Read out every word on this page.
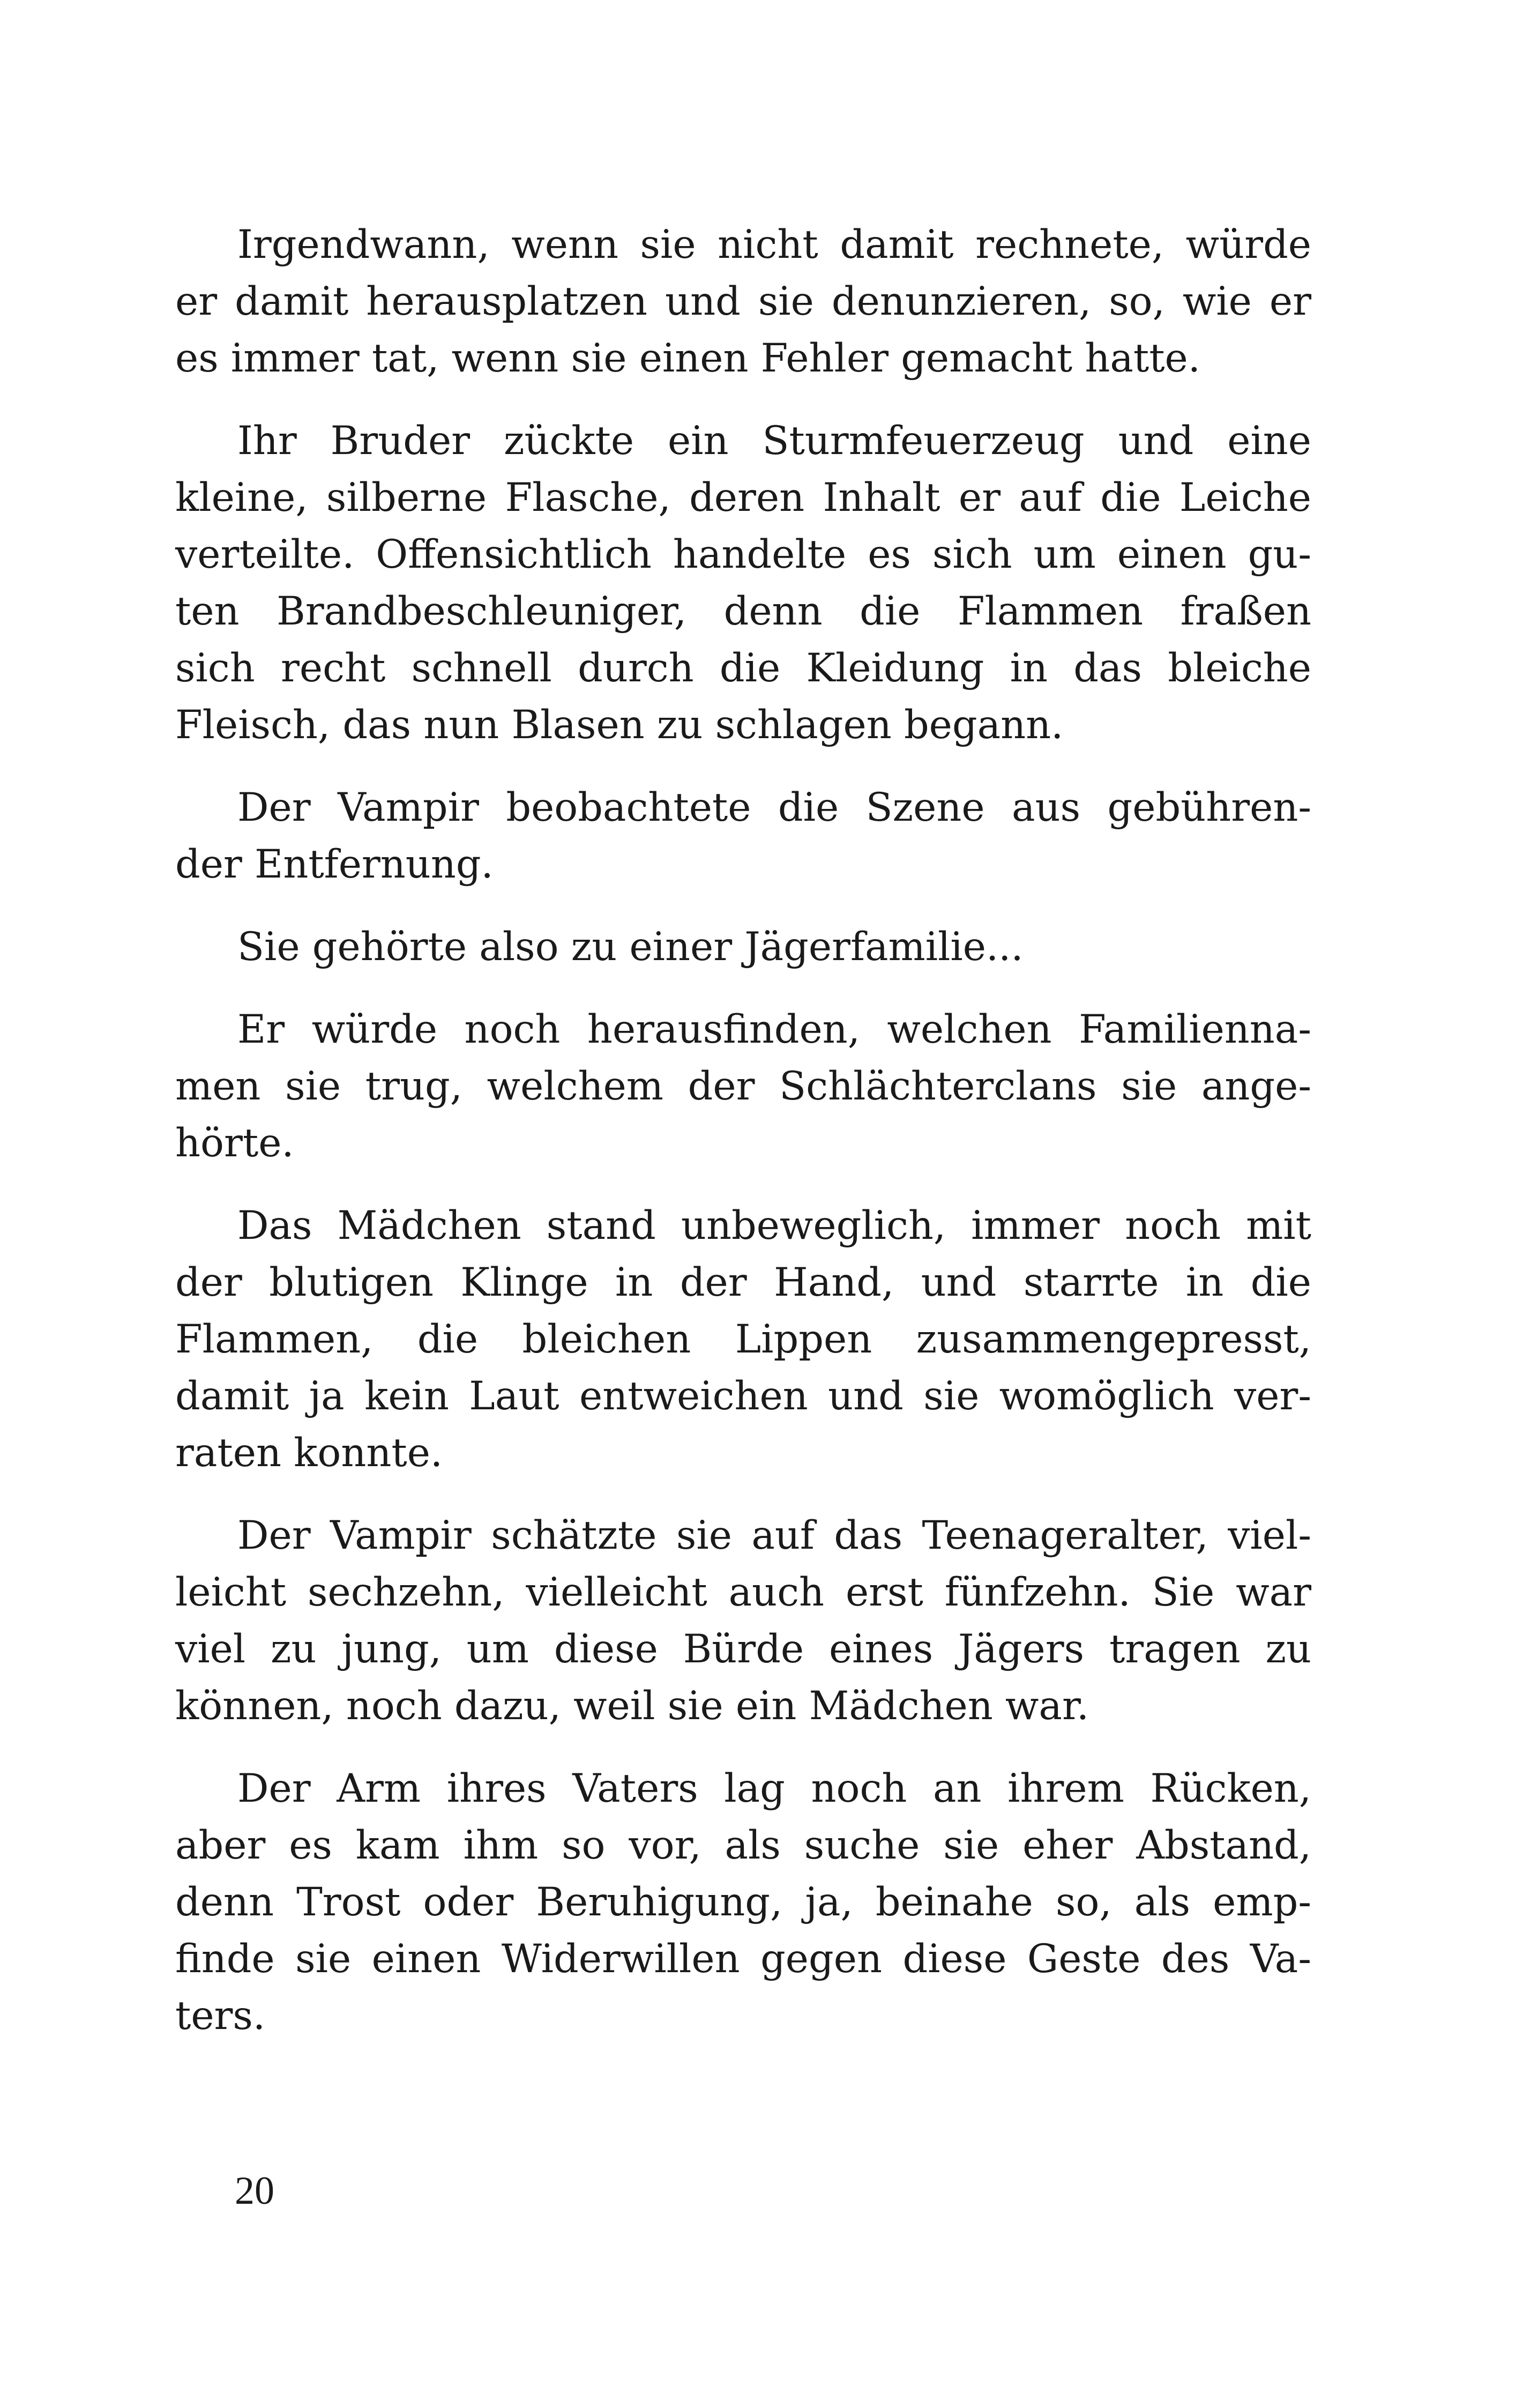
Irgendwann, wenn sie nicht damit rechnete, würde
er damit herausplatzen und sie denunzieren, so, wie er
es immer tat, wenn sie einen Fehler gemacht hatte.
Ihr Bruder zückte ein Sturmfeuerzeug und eine
kleine, silberne Flasche, deren Inhalt er auf die Leiche
verteilte. Offensichtlich handelte es sich um einen gu-
ten Brandbeschleuniger, denn die Flammen fraßen
sich recht schnell durch die Kleidung in das bleiche
Fleisch, das nun Blasen zu schlagen begann.
Der Vampir beobachtete die Szene aus gebühren-
der Entfernung.
Sie gehörte also zu einer Jägerfamilie...
Er würde noch herausfinden, welchen Familienna-
men sie trug, welchem der Schlächterclans sie ange-
hörte.
Das Mädchen stand unbeweglich, immer noch mit
der blutigen Klinge in der Hand, und starrte in die
Flammen, die bleichen Lippen zusammengepresst,
damit ja kein Laut entweichen und sie womöglich ver-
raten konnte.
Der Vampir schätzte sie auf das Teenageralter, viel-
leicht sechzehn, vielleicht auch erst fünfzehn. Sie war
viel zu jung, um diese Bürde eines Jägers tragen zu
können, noch dazu, weil sie ein Mädchen war.
Der Arm ihres Vaters lag noch an ihrem Rücken,
aber es kam ihm so vor, als suche sie eher Abstand,
denn Trost oder Beruhigung, ja, beinahe so, als emp-
finde sie einen Widerwillen gegen diese Geste des Va-
ters.
20
